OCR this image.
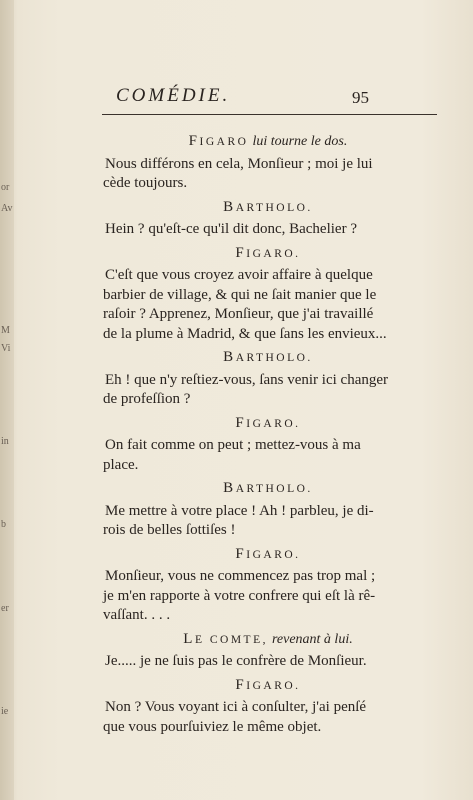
or
Av
M
Vi
in
b
er
ie
COMÉDIE.	95
FIGARO lui tourne le dos.
Nous différons en cela, Monſieur ; moi je lui
cède toujours.
BARTHOLO.
Hein ? qu'eſt-ce qu'il dit donc, Bachelier ?
FIGARO.
C'eſt que vous croyez avoir affaire à quelque
barbier de village, & qui ne ſait manier que le
raſoir ? Apprenez, Monſieur, que j'ai travaillé
de la plume à Madrid, & que ſans les envieux...
BARTHOLO.
Eh ! que n'y reſtiez-vous, ſans venir ici changer
de profeſſion ?
FIGARO.
On fait comme on peut ; mettez-vous à ma
place.
BARTHOLO.
Me mettre à votre place ! Ah ! parbleu, je di-
rois de belles ſottiſes !
FIGARO.
Monſieur, vous ne commencez pas trop mal ;
je m'en rapporte à votre confrere qui eſt là rê-
vaſſant. . . .
LE COMTE, revenant à lui.
Je..... je ne ſuis pas le confrère de Monſieur.
FIGARO.
Non ? Vous voyant ici à conſulter, j'ai penſé
que vous pourſuiviez le même objet.
